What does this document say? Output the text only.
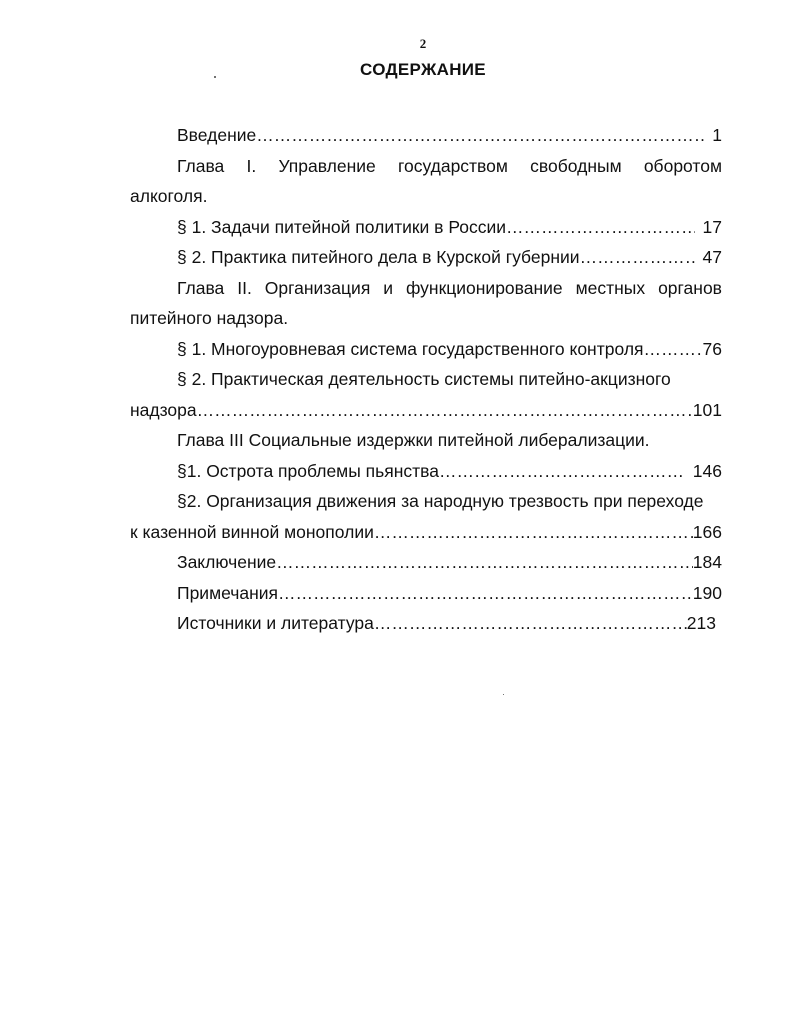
2
СОДЕРЖАНИЕ
Введение ……………………………………………………………………………………………………………………………………	1
Глава I. Управление государством свободным оборотом
алкоголя.
§ 1. Задачи питейной политики в России ……………………………………………………………………………………………………………………………………	17
§ 2. Практика питейного дела в Курской губернии ……………………………………………………………………………………………………………………………………	47
Глава II. Организация и функционирование местных органов
питейного надзора.
§ 1. Многоуровневая система государственного контроля ……………………………………………………………………………………………………………………………………	76
§ 2. Практическая деятельность системы питейно-акцизного
надзора ……………………………………………………………………………………………………………………………………	101
Глава III Социальные издержки питейной либерализации.
§1. Острота проблемы пьянства ……………………………………………………………………………………………………………………………………	146
§2. Организация движения за народную трезвость при переходе
к казенной винной монополии ……………………………………………………………………………………………………………………………………	166
Заключение ……………………………………………………………………………………………………………………………………	184
Примечания ……………………………………………………………………………………………………………………………………	190
Источники и литература ……………………………………………………………………………………………………………………………………	213
